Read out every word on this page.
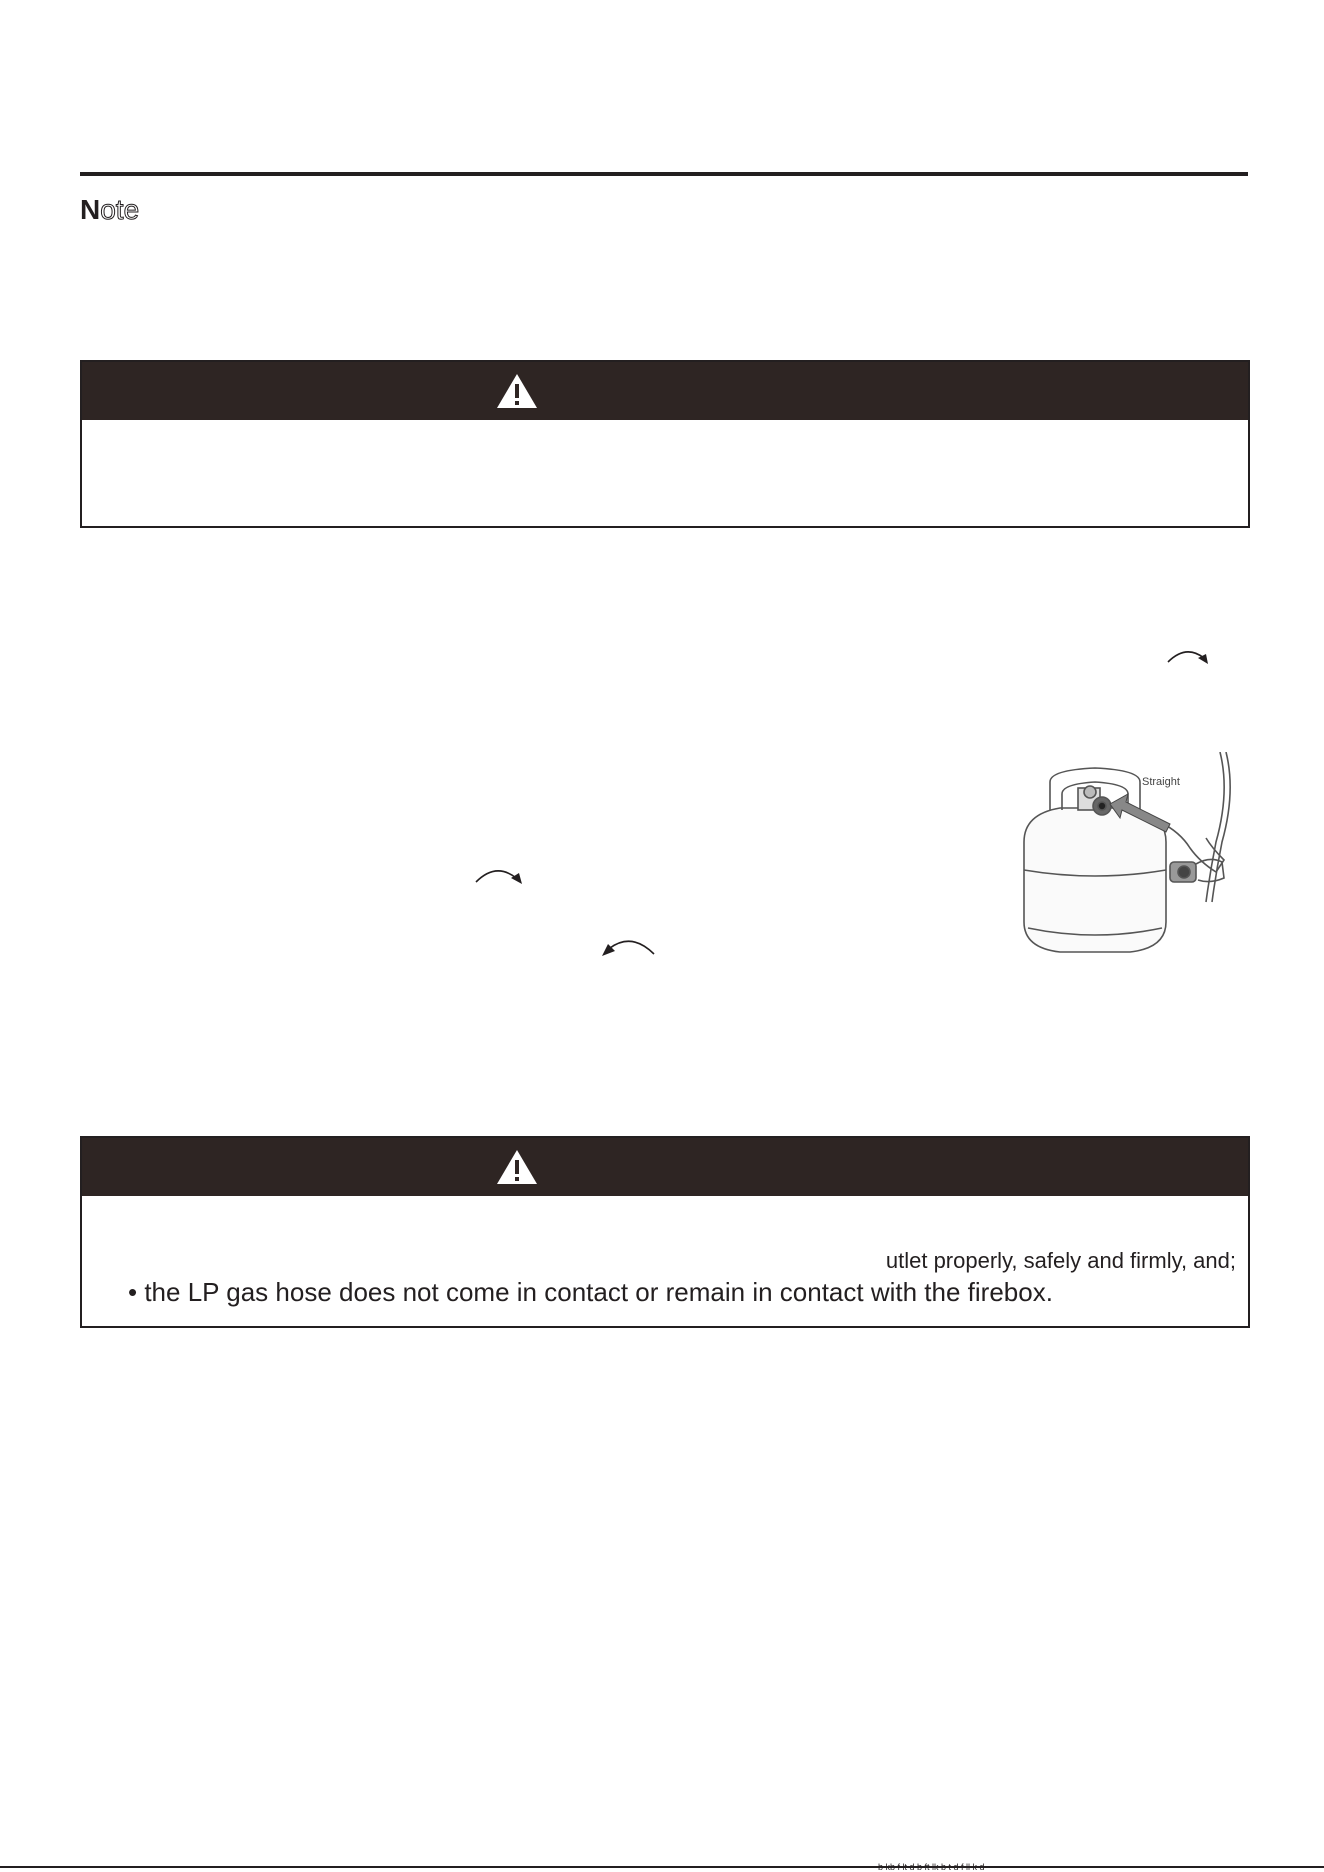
Note
Straight
utlet properly, safely and firmly, and;
• the LP gas hose does not come in contact or remain in contact with the firebox.
b kb f lt d b ft lk b t d f ll k d
